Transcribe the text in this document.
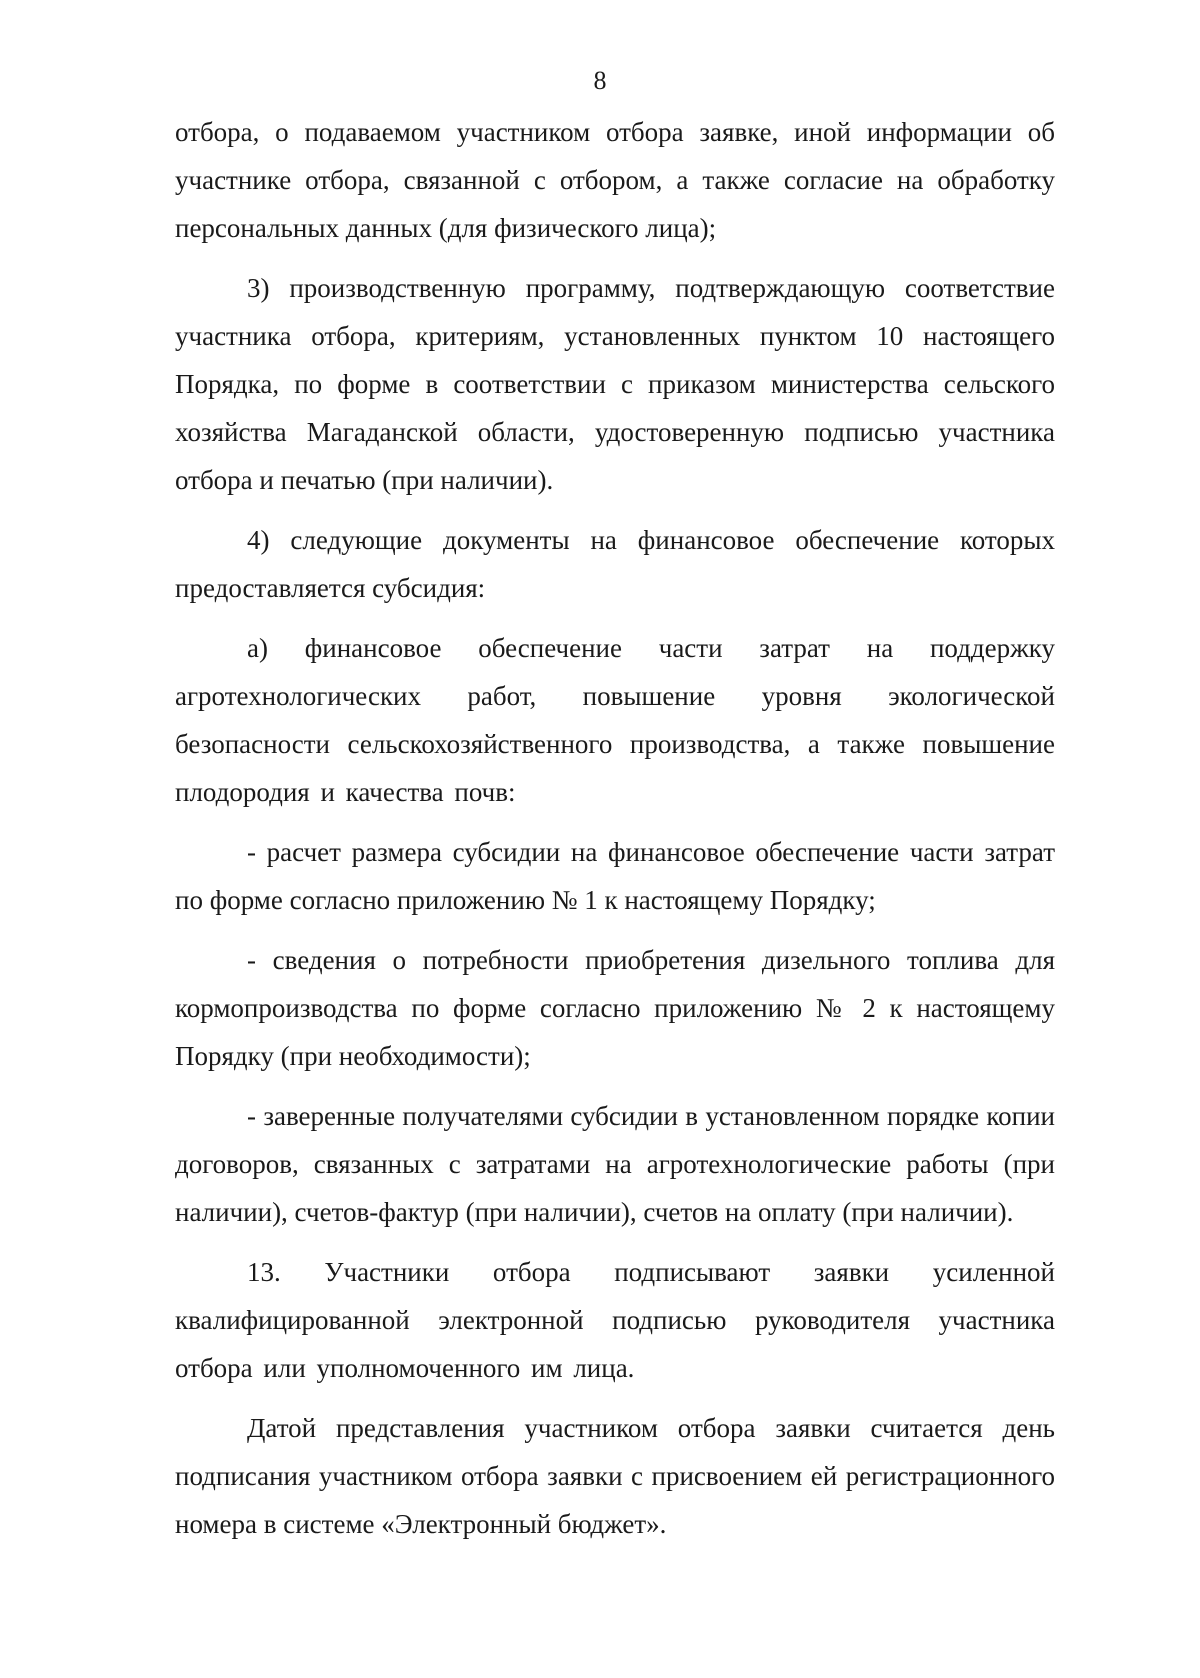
8

отбора, о подаваемом участником отбора заявке, иной информации об участнике отбора, связанной с отбором, а также согласие на обработку персональных данных (для физического лица);

3) производственную программу, подтверждающую соответствие участника отбора, критериям, установленных пунктом 10 настоящего Порядка, по форме в соответствии с приказом министерства сельского хозяйства Магаданской области, удостоверенную подписью участника отбора и печатью (при наличии).

4) следующие документы на финансовое обеспечение которых предоставляется субсидия:

а) финансовое обеспечение части затрат на поддержку агротехнологических работ, повышение уровня экологической безопасности сельскохозяйственного производства, а также повышение плодородия и качества почв:

- расчет размера субсидии на финансовое обеспечение части затрат по форме согласно приложению № 1 к настоящему Порядку;

- сведения о потребности приобретения дизельного топлива для кормопроизводства по форме согласно приложению № 2 к настоящему Порядку (при необходимости);

- заверенные получателями субсидии в установленном порядке копии договоров, связанных с затратами на агротехнологические работы (при наличии), счетов-фактур (при наличии), счетов на оплату (при наличии).

13. Участники отбора подписывают заявки усиленной квалифицированной электронной подписью руководителя участника отбора или уполномоченного им лица.

Датой представления участником отбора заявки считается день подписания участником отбора заявки с присвоением ей регистрационного номера в системе «Электронный бюджет».
